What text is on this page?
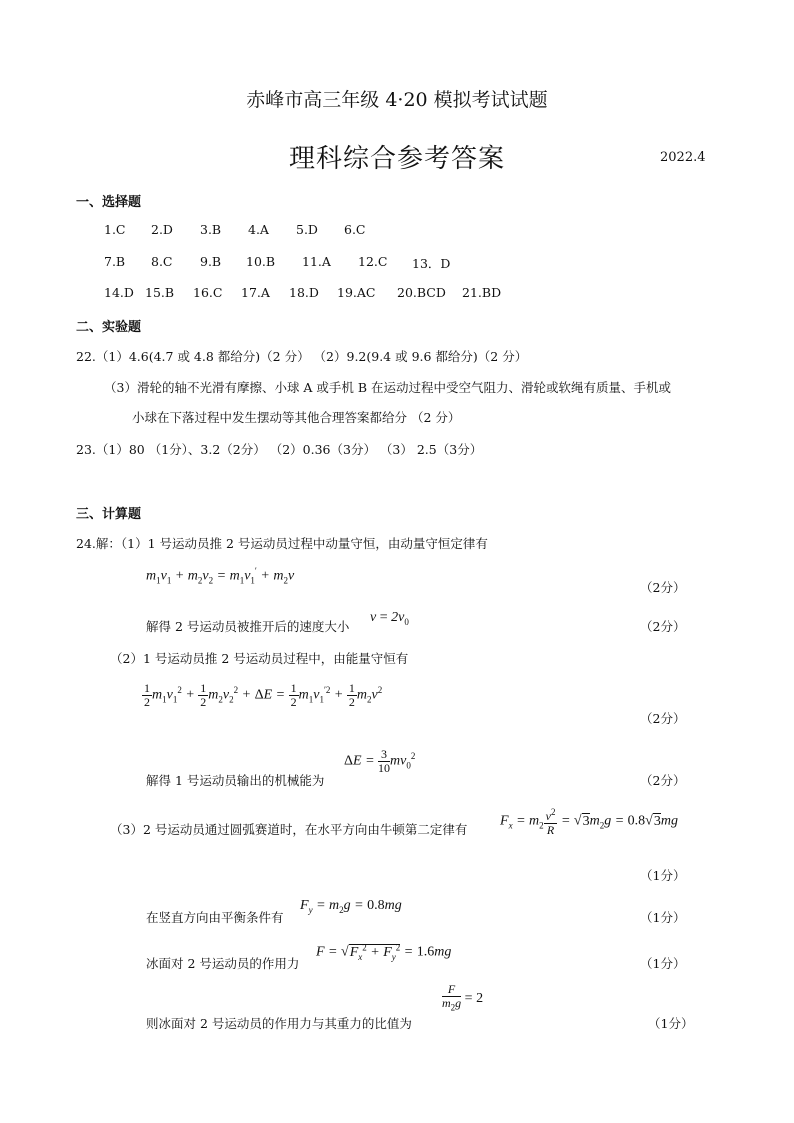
赤峰市高三年级 4·20 模拟考试试题
理科综合参考答案	2022.4
一、选择题
1.C 2.D 3.B 4.A 5.D 6.C
7.B 8.C 9.B 10.B 11.A 12.C 13．D
14.D 15.B 16.C 17.A 18.D 19.AC 20.BCD 21.BD
二、实验题
22.（1）4.6(4.7 或 4.8 都给分)（2 分） （2）9.2(9.4 或 9.6 都给分)（2 分）
（3）滑轮的轴不光滑有摩擦、小球 A 或手机 B 在运动过程中受空气阻力、滑轮或软绳有质量、手机或
小球在下落过程中发生摆动等其他合理答案都给分 （2 分）
23.（1）80 （1分）、3.2（2分） （2）0.36（3分） （3） 2.5（3分）
三、计算题
24.解：（1）1 号运动员推 2 号运动员过程中动量守恒，由动量守恒定律有
$m_1v_1 + m_2v_2 = m_1v_1' + m_2v$
（2分）
解得 2 号运动员被推开后的速度大小
$v = 2v_0$	（2分）
（2）1 号运动员推 2 号运动员过程中，由能量守恒有
$\frac{1}{2} m_1v_1^2 + \frac{1}{2} m_2v_2^2 + \Delta E = \frac{1}{2} m_1v_1^{'2} + \frac{1}{2} m_2v^2$
（2分）
解得 1 号运动员输出的机械能为
$\Delta E = \frac{3}{10} mv_0^2$
（2分）
（3）2 号运动员通过圆弧赛道时，在水平方向由牛顿第二定律有
$F_x = m_2 \frac{v^2}{R} = √3m_2g = 0.8√3mg$
（1分）
在竖直方向由平衡条件有
$F_y = m_2g = 0.8mg$
（1分）
冰面对 2 号运动员的作用力
$F = √F_x^2 + F_y^2 = 1.6mg$
（1分）
则冰面对 2 号运动员的作用力与其重力的比值为
$\frac{F}{m_2g} = 2$
（1分）
